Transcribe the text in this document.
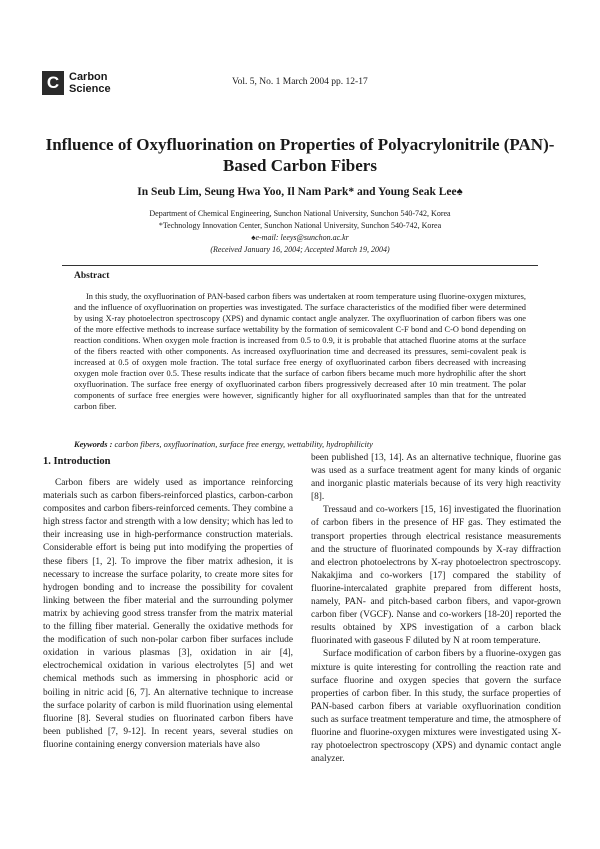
C Carbon
Science
Vol. 5, No. 1 March 2004 pp. 12-17
Influence of Oxyfluorination on Properties of Polyacrylonitrile (PAN)-
Based Carbon Fibers
In Seub Lim, Seung Hwa Yoo, Il Nam Park* and Young Seak Lee♠
Department of Chemical Engineering, Sunchon National University, Sunchon 540-742, Korea
*Technology Innovation Center, Sunchon National University, Sunchon 540-742, Korea
♠e-mail: leeys@sunchon.ac.kr
(Received January 16, 2004; Accepted March 19, 2004)
Abstract
In this study, the oxyfluorination of PAN-based carbon fibers was undertaken at room temperature using fluorine-oxygen mixtures, and the influence of oxyfluorination on properties was investigated. The surface characteristics of the modified fiber were determined by using X-ray photoelectron spectroscopy (XPS) and dynamic contact angle analyzer. The oxyfluorination of carbon fibers was one of the more effective methods to increase surface wettability by the formation of semicovalent C-F bond and C-O bond depending on reaction conditions. When oxygen mole fraction is increased from 0.5 to 0.9, it is probable that attached fluorine atoms at the surface of the fibers reacted with other components. As increased oxyfluorination time and decreased its pressures, semi-covalent peak is increased at 0.5 of oxygen mole fraction. The total surface free energy of oxyfluorinated carbon fibers decreased with increasing oxygen mole fraction over 0.5. These results indicate that the surface of carbon fibers became much more hydrophilic after the short oxyfluorination. The surface free energy of oxyfluorinated carbon fibers progressively decreased after 10 min treatment. The polar components of surface free energies were however, significantly higher for all oxyfluorinated samples than that for the untreated carbon fiber.
Keywords : carbon fibers, oxyfluorination, surface free energy, wettability, hydrophilicity
1. Introduction

Carbon fibers are widely used as importance reinforcing materials such as carbon fibers-reinforced plastics, carbon-carbon composites and carbon fibers-reinforced cements. They combine a high stress factor and strength with a low density; which has led to their increasing use in high-performance construction materials. Considerable effort is being put into modifying the properties of these fibers [1, 2]. To improve the fiber matrix adhesion, it is necessary to increase the surface polarity, to create more sites for hydrogen bonding and to increase the possibility for covalent linking between the fiber material and the surrounding polymer matrix by achieving good stress transfer from the matrix material to the filling fiber material. Generally the oxidative methods for the modification of such non-polar carbon fiber surfaces include oxidation in various plasmas [3], oxidation in air [4], electrochemical oxidation in various electrolytes [5] and wet chemical methods such as immersing in phosphoric acid or boiling in nitric acid [6, 7]. An alternative technique to increase the surface polarity of carbon is mild fluorination using elemental fluorine [8]. Several studies on fluorinated carbon fibers have been published [7, 9-12]. In recent years, several studies on fluorine containing energy conversion materials have also

been published [13, 14]. As an alternative technique, fluorine gas was used as a surface treatment agent for many kinds of organic and inorganic plastic materials because of its very high reactivity [8].

Tressaud and co-workers [15, 16] investigated the fluorination of carbon fibers in the presence of HF gas. They estimated the transport properties through electrical resistance measurements and the structure of fluorinated compounds by X-ray diffraction and electron photoelectrons by X-ray photoelectron spectroscopy. Nakakjima and co-workers [17] compared the stability of fluorine-intercalated graphite prepared from different hosts, namely, PAN- and pitch-based carbon fibers, and vapor-grown carbon fiber (VGCF). Nanse and co-workers [18-20] reported the results obtained by XPS investigation of a carbon black fluorinated with gaseous F diluted by N at room temperature.

Surface modification of carbon fibers by a fluorine-oxygen gas mixture is quite interesting for controlling the reaction rate and surface fluorine and oxygen species that govern the surface properties of carbon fiber. In this study, the surface properties of PAN-based carbon fibers at variable oxyfluorination condition such as surface treatment temperature and time, the atmosphere of fluorine and fluorine-oxygen mixtures were investigated using X-ray photoelectron spectroscopy (XPS) and dynamic contact angle analyzer.
